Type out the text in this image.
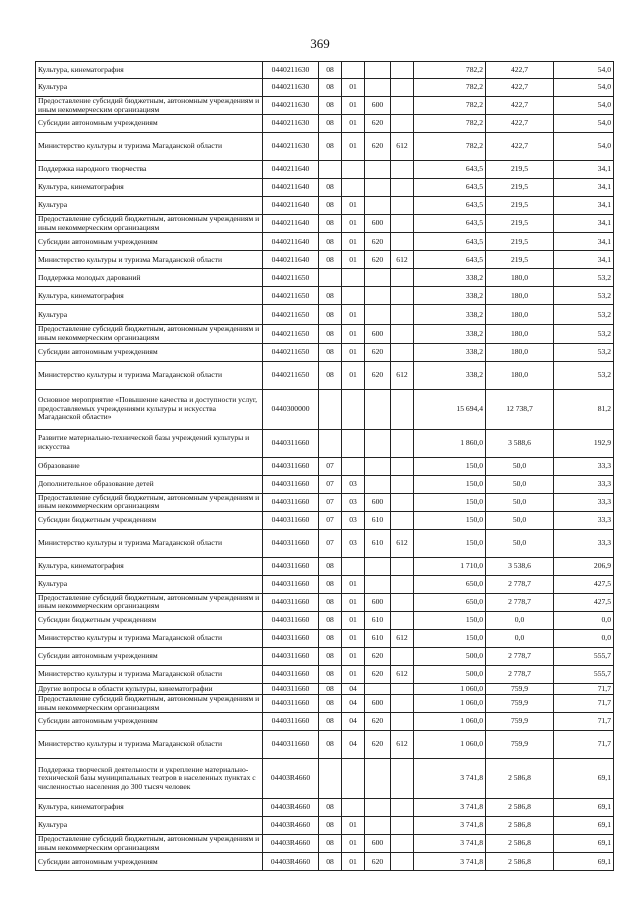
369
Культура, кинематография	0440211630	08				782,2	422,7	54,0
Культура	0440211630	08	01			782,2	422,7	54,0
Предоставление субсидий бюджетным, автономным учреждениям и иным некоммерческим организациям	0440211630	08	01	600		782,2	422,7	54,0
Субсидии автономным учреждениям	0440211630	08	01	620		782,2	422,7	54,0
Министерство культуры и туризма Магаданской области	0440211630	08	01	620	612	782,2	422,7	54,0
Поддержка народного творчества	0440211640					643,5	219,5	34,1
Культура, кинематография	0440211640	08				643,5	219,5	34,1
Культура	0440211640	08	01			643,5	219,5	34,1
Предоставление субсидий бюджетным, автономным учреждениям и иным некоммерческим организациям	0440211640	08	01	600		643,5	219,5	34,1
Субсидии автономным учреждениям	0440211640	08	01	620		643,5	219,5	34,1
Министерство культуры и туризма Магаданской области	0440211640	08	01	620	612	643,5	219,5	34,1
Поддержка молодых дарований	0440211650					338,2	180,0	53,2
Культура, кинематография	0440211650	08				338,2	180,0	53,2
Культура	0440211650	08	01			338,2	180,0	53,2
Предоставление субсидий бюджетным, автономным учреждениям и иным некоммерческим организациям	0440211650	08	01	600		338,2	180,0	53,2
Субсидии автономным учреждениям	0440211650	08	01	620		338,2	180,0	53,2
Министерство культуры и туризма Магаданской области	0440211650	08	01	620	612	338,2	180,0	53,2
Основное мероприятие «Повышение качества и доступности услуг, предоставляемых учреждениями культуры и искусства Магаданской области»	0440300000					15 694,4	12 738,7	81,2
Развитие материально-технической базы учреждений культуры и искусства	0440311660					1 860,0	3 588,6	192,9
Образование	0440311660	07				150,0	50,0	33,3
Дополнительное образование детей	0440311660	07	03			150,0	50,0	33,3
Предоставление субсидий бюджетным, автономным учреждениям и иным некоммерческим организациям	0440311660	07	03	600		150,0	50,0	33,3
Субсидии бюджетным учреждениям	0440311660	07	03	610		150,0	50,0	33,3
Министерство культуры и туризма Магаданской области	0440311660	07	03	610	612	150,0	50,0	33,3
Культура, кинематография	0440311660	08				1 710,0	3 538,6	206,9
Культура	0440311660	08	01			650,0	2 778,7	427,5
Предоставление субсидий бюджетным, автономным учреждениям и иным некоммерческим организациям	0440311660	08	01	600		650,0	2 778,7	427,5
Субсидии бюджетным учреждениям	0440311660	08	01	610		150,0	0,0	0,0
Министерство культуры и туризма Магаданской области	0440311660	08	01	610	612	150,0	0,0	0,0
Субсидии автономным учреждениям	0440311660	08	01	620		500,0	2 778,7	555,7
Министерство культуры и туризма Магаданской области	0440311660	08	01	620	612	500,0	2 778,7	555,7
Другие вопросы в области культуры, кинематографии	0440311660	08	04			1 060,0	759,9	71,7
Предоставление субсидий бюджетным, автономным учреждениям и иным некоммерческим организациям	0440311660	08	04	600		1 060,0	759,9	71,7
Субсидии автономным учреждениям	0440311660	08	04	620		1 060,0	759,9	71,7
Министерство культуры и туризма Магаданской области	0440311660	08	04	620	612	1 060,0	759,9	71,7
Поддержка творческой деятельности и укрепление материально-технической базы муниципальных театров в населенных пунктах с численностью населения до 300 тысяч человек	04403R4660					3 741,8	2 586,8	69,1
Культура, кинематография	04403R4660	08				3 741,8	2 586,8	69,1
Культура	04403R4660	08	01			3 741,8	2 586,8	69,1
Предоставление субсидий бюджетным, автономным учреждениям и иным некоммерческим организациям	04403R4660	08	01	600		3 741,8	2 586,8	69,1
Субсидии автономным учреждениям	04403R4660	08	01	620		3 741,8	2 586,8	69,1
